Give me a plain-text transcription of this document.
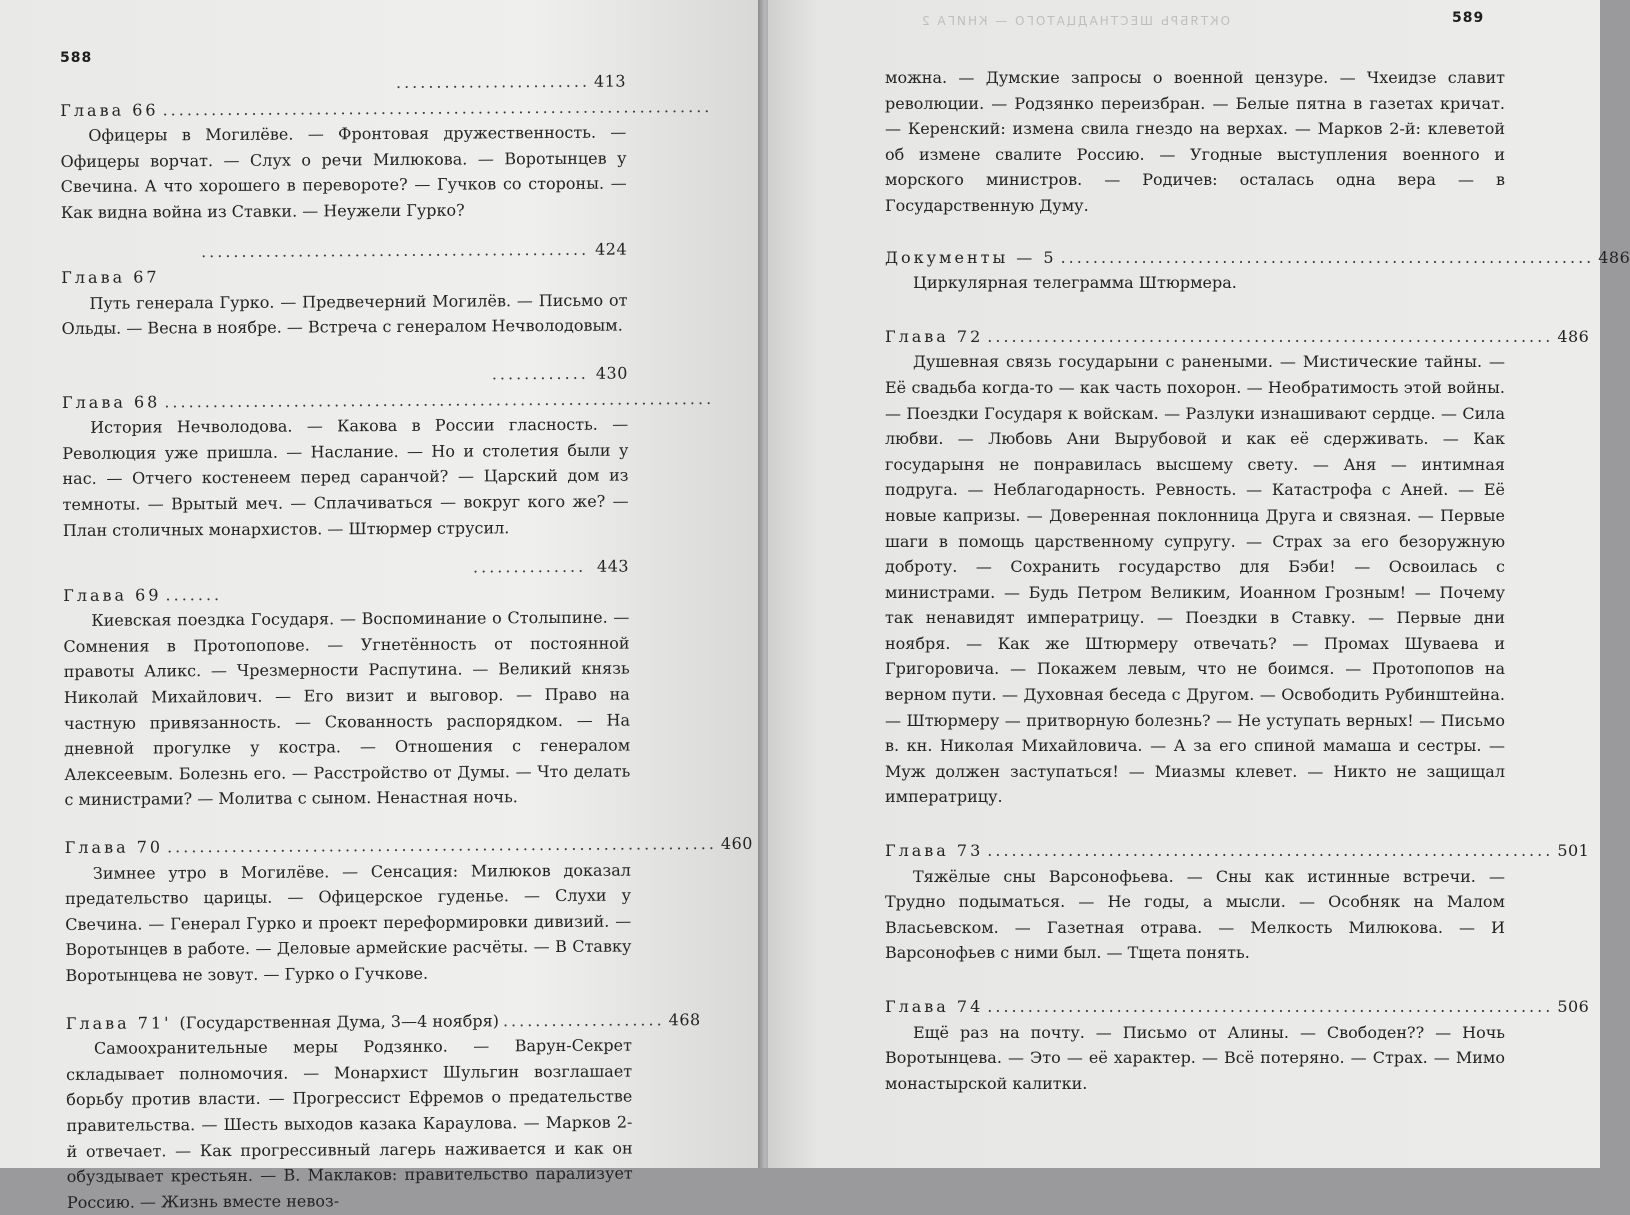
588
........................ 413
Глава 66 ....................................................................

Офицеры в Могилёве. — Фронтовая дружественность. — Офицеры ворчат. — Слух о речи Милюкова. — Воротынцев у Свечина. А что хорошего в перевороте? — Гучков со стороны. — Как видна война из Ставки. — Неужели Гурко?

................................................ 424
Глава 67

Путь генерала Гурко. — Предвечерний Могилёв. — Письмо от Ольды. — Весна в ноябре. — Встреча с генералом Нечволодовым.

............ 430
Глава 68 ....................................................................

История Нечволодова. — Какова в России гласность. — Революция уже пришла. — Наслание. — Но и столетия были у нас. — Отчего костенеем перед саранчой? — Царский дом из темноты. — Врытый меч. — Сплачиваться — вокруг кого же? — План столичных монархистов. — Штюрмер струсил.

.............. 443
Глава 69 .......

Киевская поездка Государя. — Воспоминание о Столыпине. — Сомнения в Протопопове. — Угнетённость от постоянной правоты Аликс. — Чрезмерности Распутина. — Великий князь Николай Михайлович. — Его визит и выговор. — Право на частную привязанность. — Скованность распорядком. — На дневной прогулке у костра. — Отношения с генералом Алексеевым. Болезнь его. — Расстройство от Думы. — Что делать с министрами? — Молитва с сыном. Ненастная ночь.

Глава 70 .................................................................... 460

Зимнее утро в Могилёве. — Сенсация: Милюков доказал предательство царицы. — Офицерское гуденье. — Слухи у Свечина. — Генерал Гурко и проект переформировки дивизий. — Воротынцев в работе. — Деловые армейские расчёты. — В Ставку Воротынцева не зовут. — Гурко о Гучкове.

Глава 71' (Государственная Дума, 3—4 ноября) .................... 468

Самоохранительные меры Родзянко. — Варун-Секрет складывает полномочия. — Монархист Шульгин возглашает борьбу против власти. — Прогрессист Ефремов о предательстве правительства. — Шесть выходов казака Караулова. — Марков 2-й отвечает. — Как прогрессивный лагерь наживается и как он обуздывает крестьян. — В. Маклаков: правительство парализует Россию. — Жизнь вместе невоз-

ОКТЯБРЬ ШЕСТНАДЦАТОГО — КНИГА 2	589

можна. — Думские запросы о военной цензуре. — Чхеидзе славит революции. — Родзянко переизбран. — Белые пятна в газетах кричат. — Керенский: измена свила гнездо на верхах. — Марков 2-й: клеветой об измене свалите Россию. — Угодные выступления военного и морского министров. — Родичев: осталась одна вера — в Государственную Думу.

Документы — 5 .................................................................. 486

Циркулярная телеграмма Штюрмера.

Глава 72 ...................................................................... 486

Душевная связь государыни с ранеными. — Мистические тайны. — Её свадьба когда-то — как часть похорон. — Необратимость этой войны. — Поездки Государя к войскам. — Разлуки изнашивают сердце. — Сила любви. — Любовь Ани Вырубовой и как её сдерживать. — Как государыня не понравилась высшему свету. — Аня — интимная подруга. — Неблагодарность. Ревность. — Катастрофа с Аней. — Её новые капризы. — Доверенная поклонница Друга и связная. — Первые шаги в помощь царственному супругу. — Страх за его безоружную доброту. — Сохранить государство для Бэби! — Освоилась с министрами. — Будь Петром Великим, Иоанном Грозным! — Почему так ненавидят императрицу. — Поездки в Ставку. — Первые дни ноября. — Как же Штюрмеру отвечать? — Промах Шуваева и Григоровича. — Покажем левым, что не боимся. — Протопопов на верном пути. — Духовная беседа с Другом. — Освободить Рубинштейна. — Штюрмеру — притворную болезнь? — Не уступать верных! — Письмо в. кн. Николая Михайловича. — А за его спиной мамаша и сестры. — Муж должен заступаться! — Миазмы клевет. — Никто не защищал императрицу.

Глава 73 ...................................................................... 501

Тяжёлые сны Варсонофьева. — Сны как истинные встречи. — Трудно подыматься. — Не годы, а мысли. — Особняк на Малом Власьевском. — Газетная отрава. — Мелкость Милюкова. — И Варсонофьев с ними был. — Тщета понять.

Глава 74 ...................................................................... 506

Ещё раз на почту. — Письмо от Алины. — Свободен?? — Ночь Воротынцева. — Это — её характер. — Всё потеряно. — Страх. — Мимо монастырской калитки.
